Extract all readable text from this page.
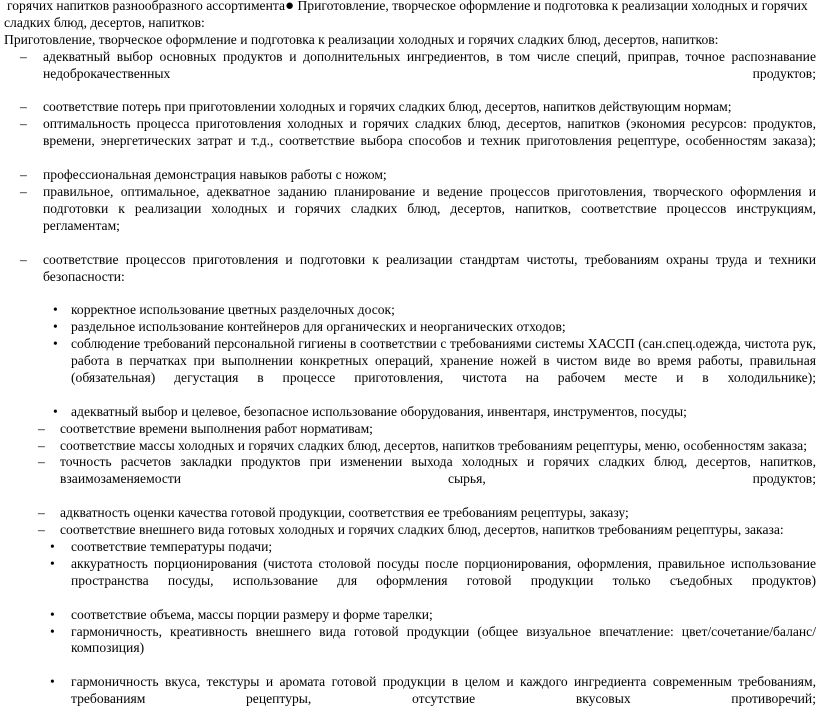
горячих напитков разнообразного ассортимента● Приготовление, творческое оформление и подготовка к реализации холодных и горячих
сладких блюд, десертов, напитков:
Приготовление, творческое оформление и подготовка к реализации холодных и горячих сладких блюд, десертов, напитков:
– адекватный выбор основных продуктов и дополнительных ингредиентов, в том числе специй, приправ, точное распознавание недоброкачественных продуктов;
– соответствие потерь при приготовлении холодных и горячих сладких блюд, десертов, напитков действующим нормам;
– оптимальность процесса приготовления холодных и горячих сладких блюд, десертов, напитков (экономия ресурсов: продуктов, времени, энергетических затрат и т.д., соответствие выбора способов и техник приготовления рецептуре, особенностям заказа);
– профессиональная демонстрация навыков работы с ножом;
– правильное, оптимальное, адекватное заданию планирование и ведение процессов приготовления, творческого оформления и подготовки к реализации холодных и горячих сладких блюд, десертов, напитков, соответствие процессов инструкциям, регламентам;
– соответствие процессов приготовления и подготовки к реализации стандртам чистоты, требованиям охраны труда и техники безопасности:
• корректное использование цветных разделочных досок;
• раздельное использование контейнеров для органических и неорганических отходов;
• соблюдение требований персональной гигиены в соответствии с требованиями системы ХАССП (сан.спец.одежда, чистота рук, работа в перчатках при выполнении конкретных операций, хранение ножей в чистом виде во время работы, правильная (обязательная) дегустация в процессе приготовления, чистота на рабочем месте и в холодильнике);
• адекватный выбор и целевое, безопасное использование оборудования, инвентаря, инструментов, посуды;
– соответствие времени выполнения работ нормативам;
– соответствие массы холодных и горячих сладких блюд, десертов, напитков требованиям рецептуры, меню, особенностям заказа;
– точность расчетов закладки продуктов при изменении выхода холодных и горячих сладких блюд, десертов, напитков, взаимозаменяемости сырья, продуктов;
– адкватность оценки качества готовой продукции, соответствия ее требованиям рецептуры, заказу;
– соответствие внешнего вида готовых холодных и горячих сладких блюд, десертов, напитков требованиям рецептуры, заказа:
• соответствие температуры подачи;
• аккуратность порционирования (чистота столовой посуды после порционирования, оформления, правильное использование пространства посуды, использование для оформления готовой продукции только съедобных продуктов)
• соответствие объема, массы порции размеру и форме тарелки;
• гармоничность, креативность внешнего вида готовой продукции (общее визуальное впечатление: цвет/сочетание/баланс/композиция)
• гармоничность вкуса, текстуры и аромата готовой продукции в целом и каждого ингредиента современным требованиям, требованиям рецептуры, отсутствие вкусовых противоречий;
